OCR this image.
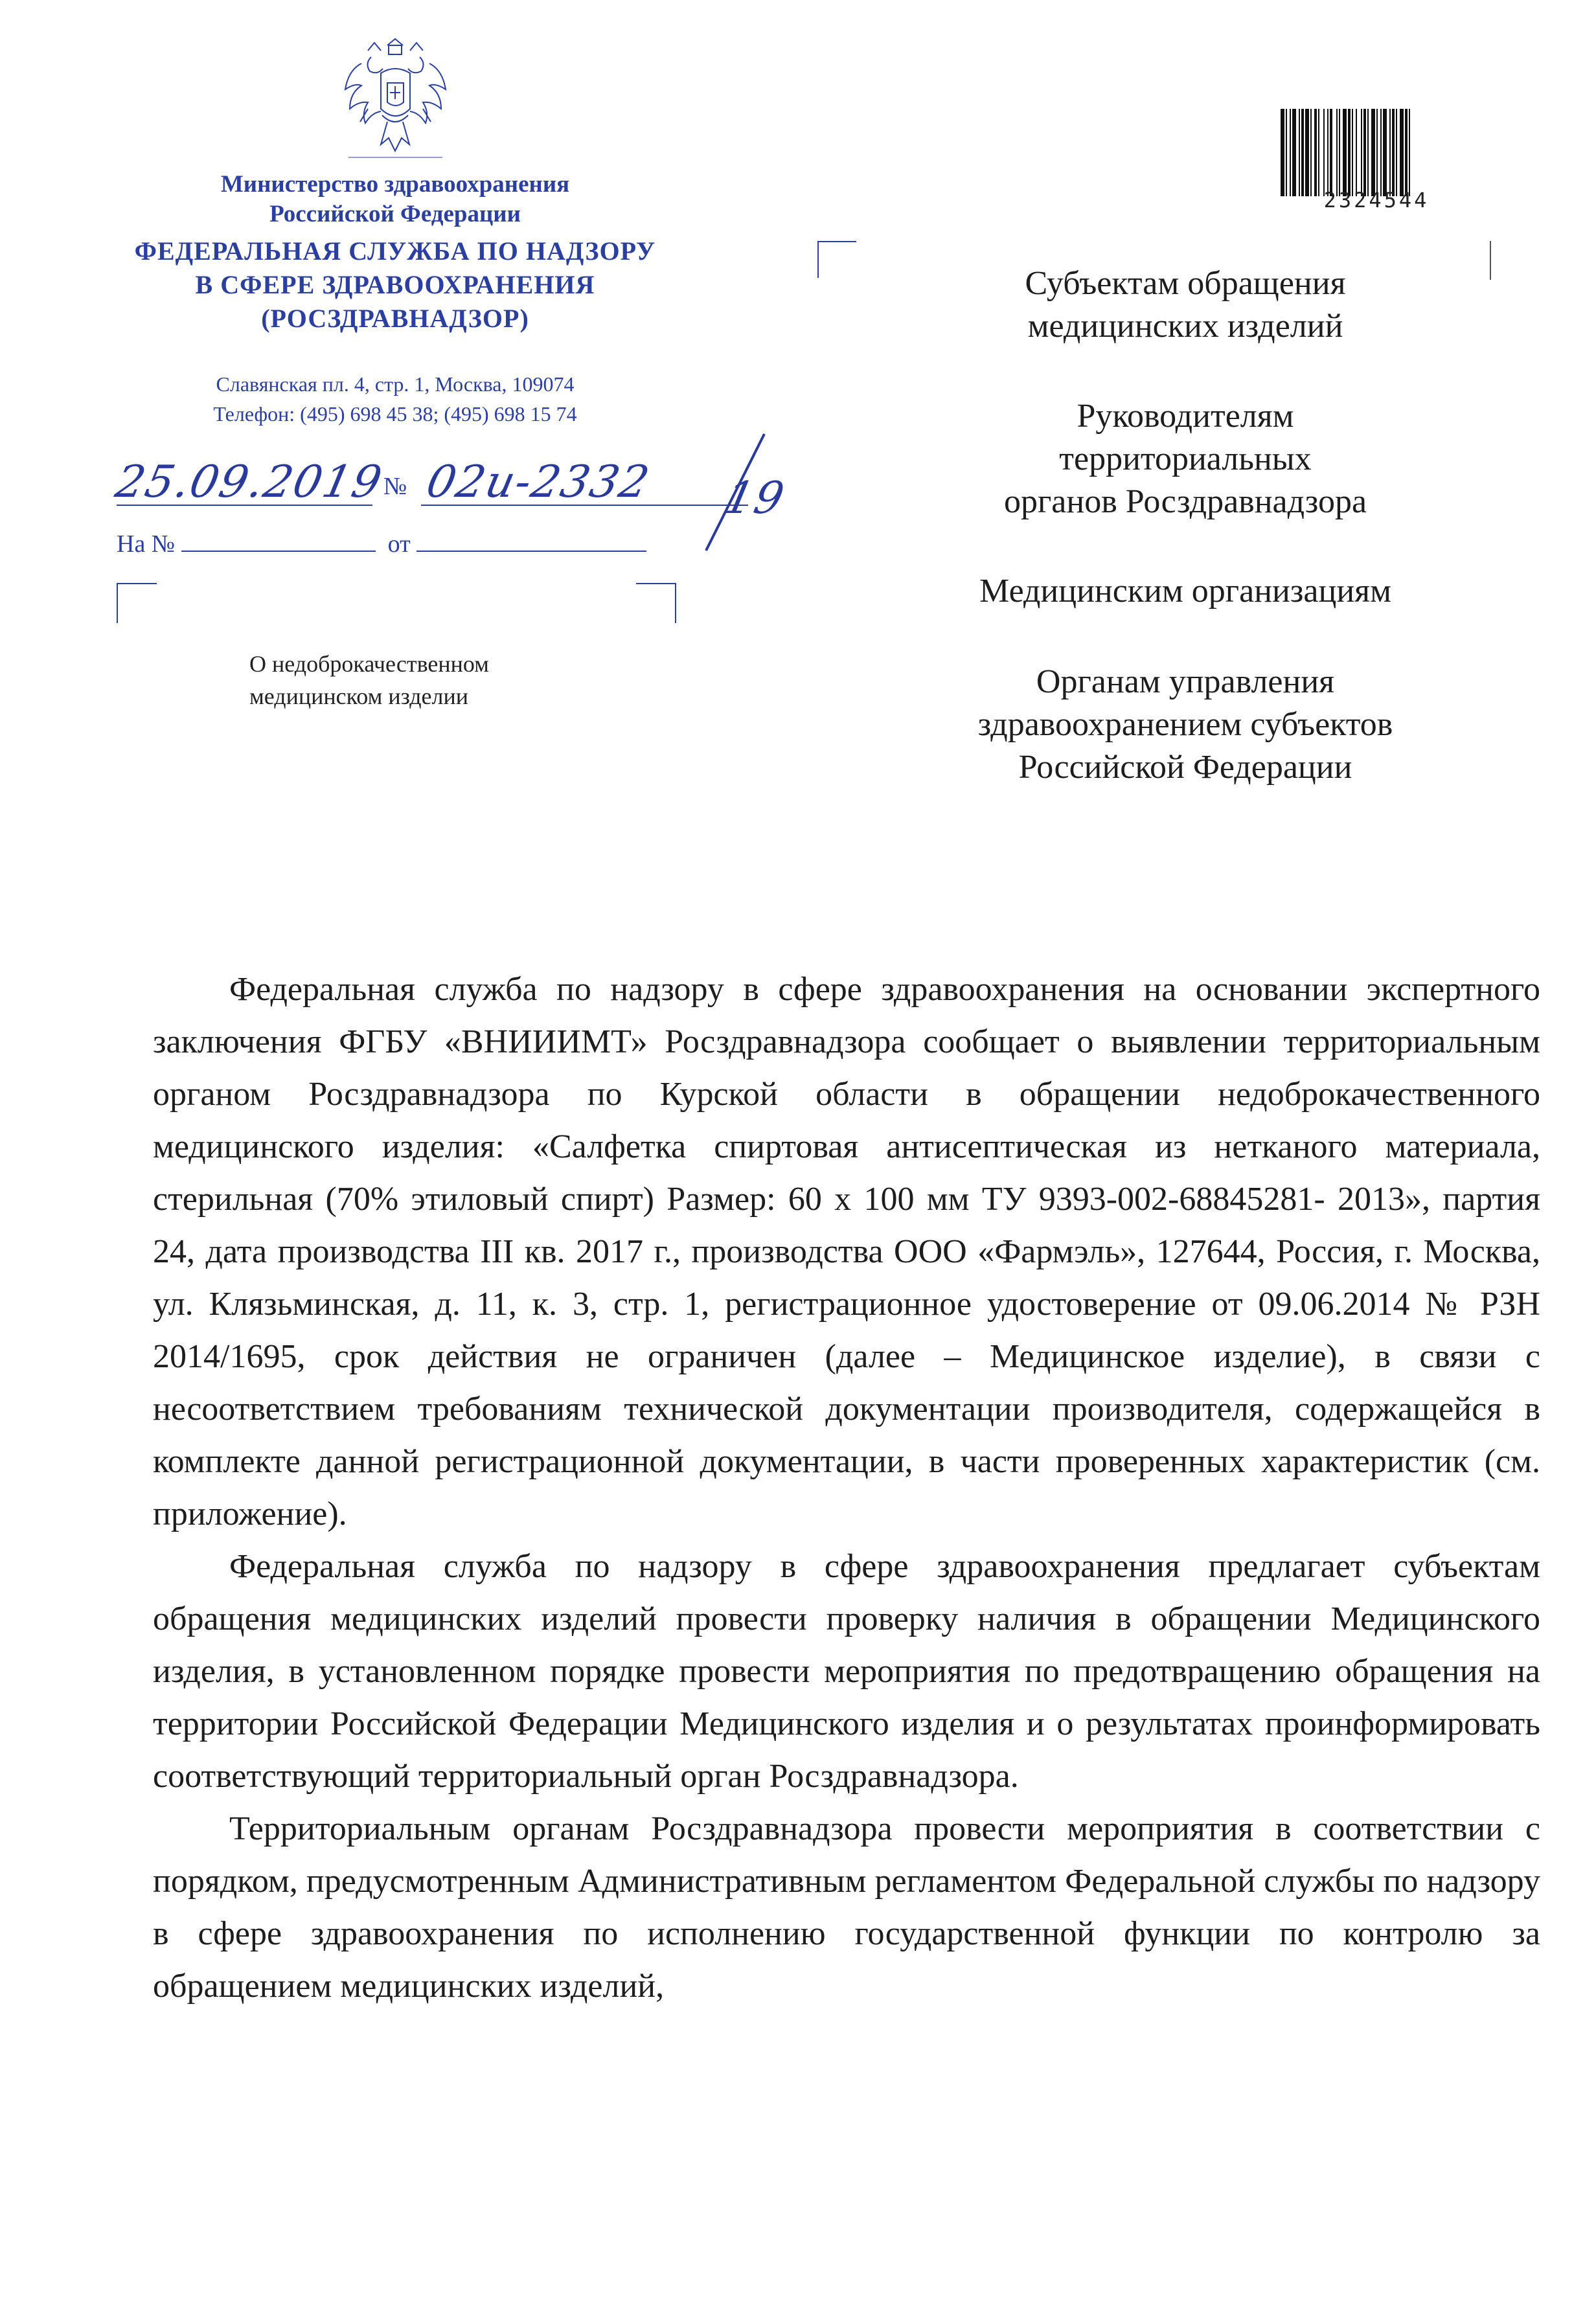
Министерство здравоохранения
Российской Федерации
ФЕДЕРАЛЬНАЯ СЛУЖБА ПО НАДЗОРУ
В СФЕРЕ ЗДРАВООХРАНЕНИЯ
(РОСЗДРАВНАДЗОР)
Славянская пл. 4, стр. 1, Москва, 109074
Телефон: (495) 698 45 38; (495) 698 15 74
25.09.2019
№ 02и-2332 19
На №	от
О недоброкачественном
медицинском изделии
2324544
Субъектам обращения
медицинских изделий
Руководителям
территориальных
органов Росздравнадзора
Медицинским организациям
Органам управления
здравоохранением субъектов
Российской Федерации

Федеральная служба по надзору в сфере здравоохранения на основании экспертного заключения ФГБУ «ВНИИИМТ» Росздравнадзора сообщает о выявлении территориальным органом Росздравнадзора по Курской области в обращении недоброкачественного медицинского изделия: «Салфетка спиртовая антисептическая из нетканого материала, стерильная (70% этиловый спирт) Размер: 60 х 100 мм ТУ 9393-002-68845281- 2013», партия 24, дата производства III кв. 2017 г., производства ООО «Фармэль», 127644, Россия, г. Москва, ул. Клязьминская, д. 11, к. 3, стр. 1, регистрационное удостоверение от 09.06.2014 № РЗН 2014/1695, срок действия не ограничен (далее – Медицинское изделие), в связи с несоответствием требованиям технической документации производителя, содержащейся в комплекте данной регистрационной документации, в части проверенных характеристик (см. приложение).

Федеральная служба по надзору в сфере здравоохранения предлагает субъектам обращения медицинских изделий провести проверку наличия в обращении Медицинского изделия, в установленном порядке провести мероприятия по предотвращению обращения на территории Российской Федерации Медицинского изделия и о результатах проинформировать соответствующий территориальный орган Росздравнадзора.

Территориальным органам Росздравнадзора провести мероприятия в соответствии с порядком, предусмотренным Административным регламентом Федеральной службы по надзору в сфере здравоохранения по исполнению государственной функции по контролю за обращением медицинских изделий,
